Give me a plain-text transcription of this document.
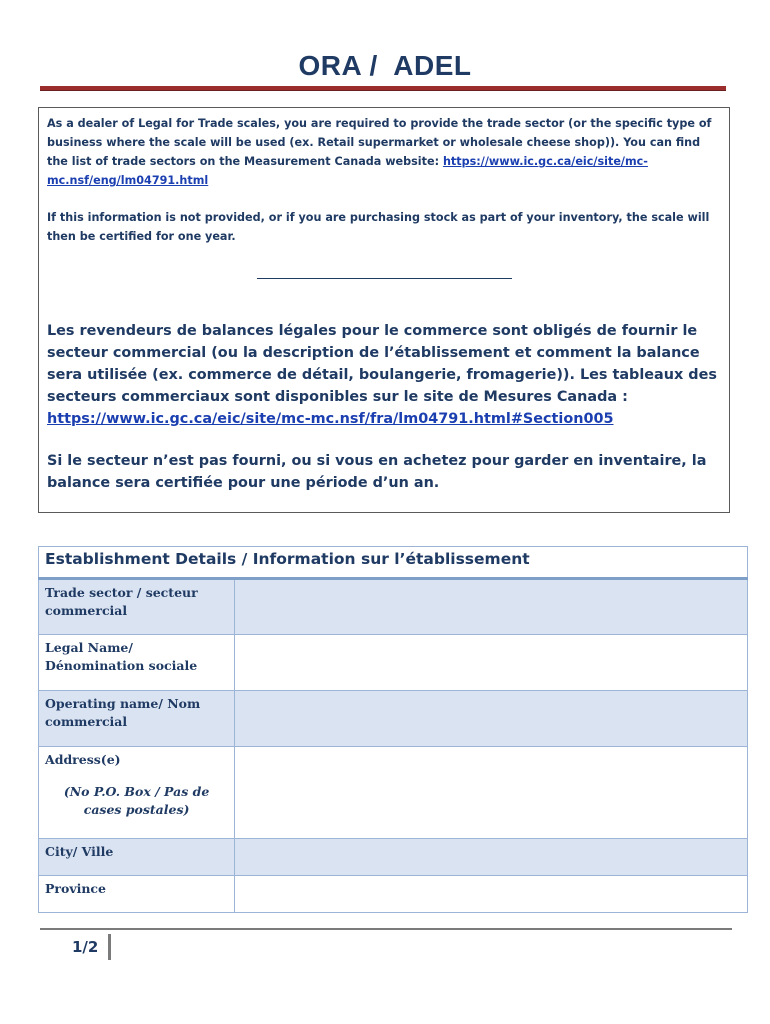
ORA /  ADEL

As a dealer of Legal for Trade scales, you are required to provide the trade sector (or the specific type of business where the scale will be used (ex. Retail supermarket or wholesale cheese shop)). You can find the list of trade sectors on the Measurement Canada website: https://www.ic.gc.ca/eic/site/mc-mc.nsf/eng/lm04791.html

If this information is not provided, or if you are purchasing stock as part of your inventory, the scale will then be certified for one year.

Les revendeurs de balances légales pour le commerce sont obligés de fournir le secteur commercial (ou la description de l’établissement et comment la balance sera utilisée (ex. commerce de détail, boulangerie, fromagerie)). Les tableaux des secteurs commerciaux sont disponibles sur le site de Mesures Canada : https://www.ic.gc.ca/eic/site/mc-mc.nsf/fra/lm04791.html#Section005

Si le secteur n’est pas fourni, ou si vous en achetez pour garder en inventaire, la balance sera certifiée pour une période d’un an.

Establishment Details / Information sur l’établissement	
Trade sector / secteur commercial	
Legal Name/ Dénomination sociale	
Operating name/ Nom commercial	
Address(e)
(No P.O. Box / Pas de cases postales)	

City/ Ville	
Province	
1/2
